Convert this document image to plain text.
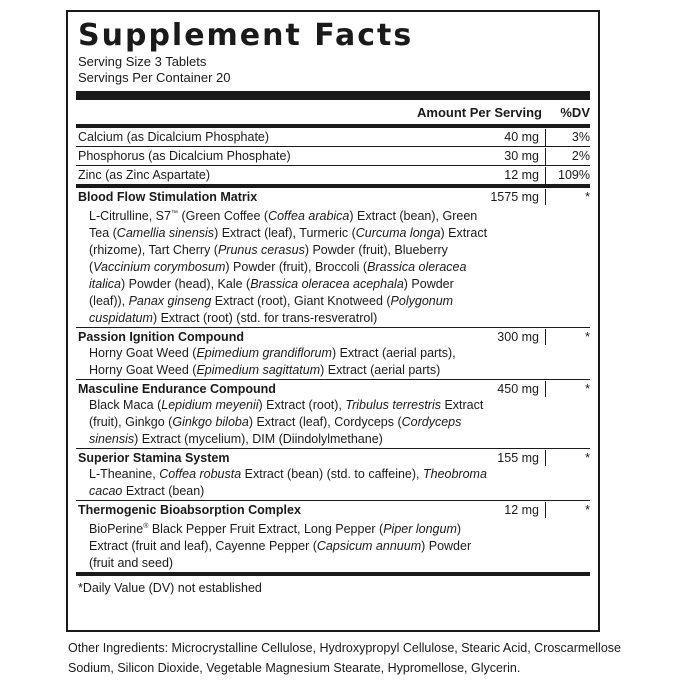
Supplement Facts
Serving Size 3 Tablets
Servings Per Container 20
Amount Per Serving	%DV
Calcium (as Dicalcium Phosphate)	40 mg	3%
Phosphorus (as Dicalcium Phosphate)	30 mg	2%
Zinc (as Zinc Aspartate)	12 mg	109%
Blood Flow Stimulation Matrix	1575 mg	*
L-Citrulline, S7™ (Green Coffee (Coffea arabica) Extract (bean), Green Tea (Camellia sinensis) Extract (leaf), Turmeric (Curcuma longa) Extract (rhizome), Tart Cherry (Prunus cerasus) Powder (fruit), Blueberry (Vaccinium corymbosum) Powder (fruit), Broccoli (Brassica oleracea italica) Powder (head), Kale (Brassica oleracea acephala) Powder (leaf)), Panax ginseng Extract (root), Giant Knotweed (Polygonum cuspidatum) Extract (root) (std. for trans-resveratrol)
Passion Ignition Compound	300 mg	*
Horny Goat Weed (Epimedium grandiflorum) Extract (aerial parts), Horny Goat Weed (Epimedium sagittatum) Extract (aerial parts)
Masculine Endurance Compound	450 mg	*
Black Maca (Lepidium meyenii) Extract (root), Tribulus terrestris Extract (fruit), Ginkgo (Ginkgo biloba) Extract (leaf), Cordyceps (Cordyceps sinensis) Extract (mycelium), DIM (Diindolylmethane)
Superior Stamina System	155 mg	*
L-Theanine, Coffea robusta Extract (bean) (std. to caffeine), Theobroma cacao Extract (bean)
Thermogenic Bioabsorption Complex	12 mg	*
BioPerine® Black Pepper Fruit Extract, Long Pepper (Piper longum) Extract (fruit and leaf), Cayenne Pepper (Capsicum annuum) Powder (fruit and seed)
*Daily Value (DV) not established
Other Ingredients: Microcrystalline Cellulose, Hydroxypropyl Cellulose, Stearic Acid, Croscarmellose Sodium, Silicon Dioxide, Vegetable Magnesium Stearate, Hypromellose, Glycerin.
